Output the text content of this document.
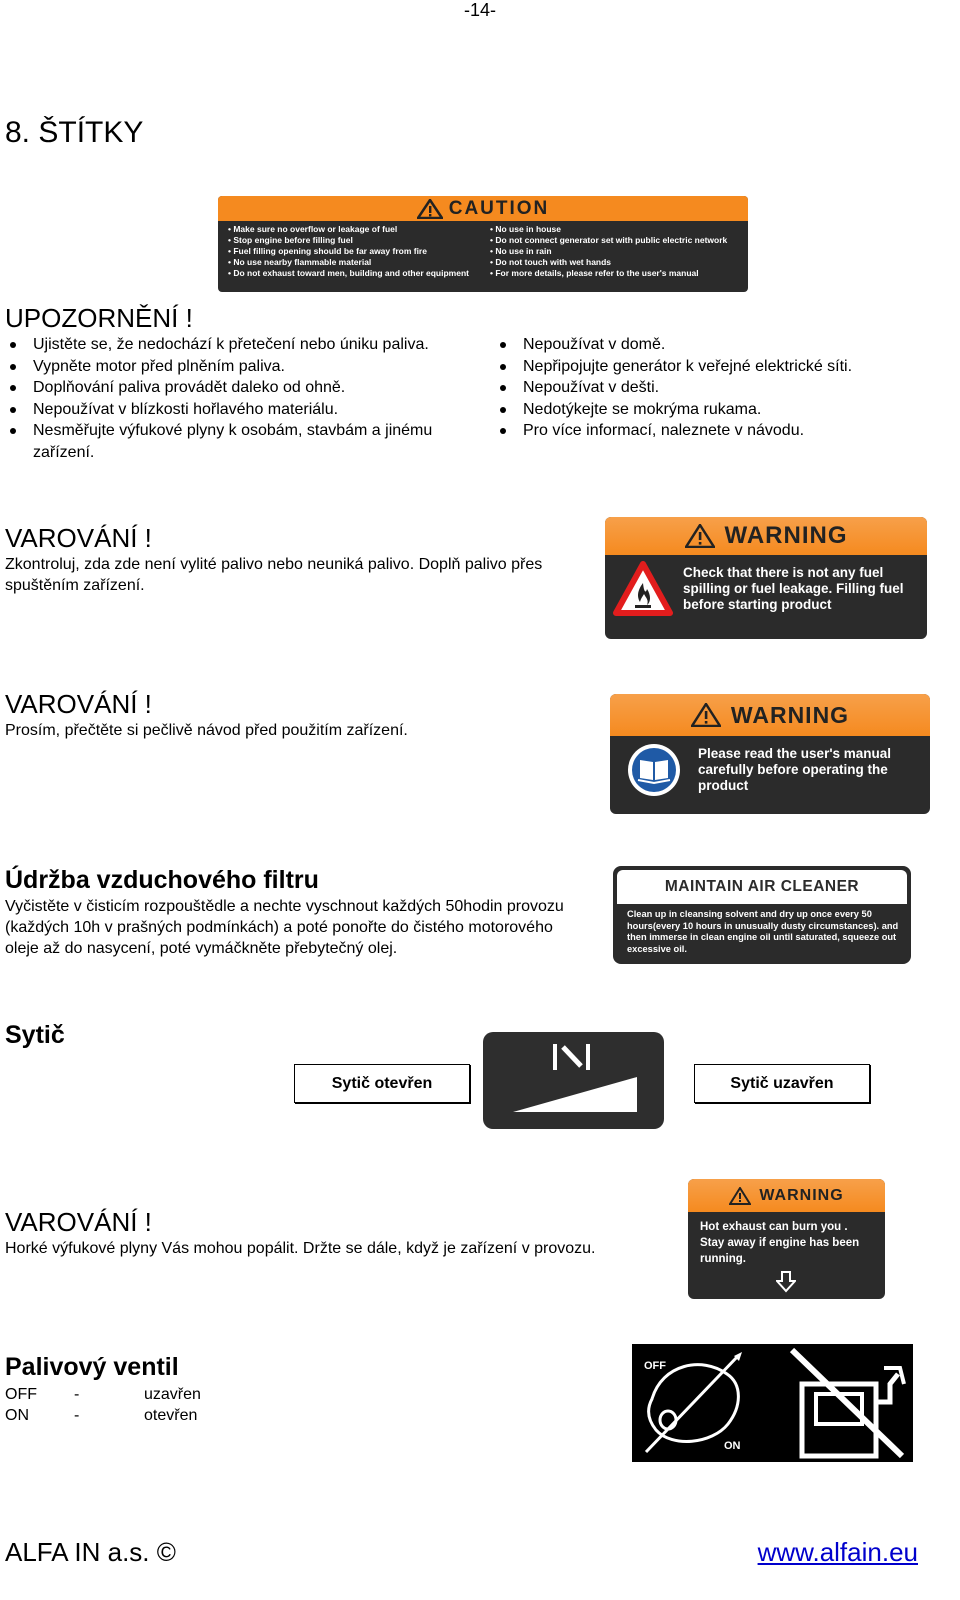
-14-
8. ŠTÍTKY
CAUTION
• Make sure no overflow or leakage of fuel
• Stop engine before filling fuel
• Fuel filling opening should be far away from fire
• No use nearby flammable material
• Do not exhaust toward men, building and other equipment
• No use in house
• Do not connect generator set with public electric network
• No use in rain
• Do not touch with wet hands
• For more details, please refer to the user's manual
UPOZORNĚNÍ !
Ujistěte se, že nedochází k přetečení nebo úniku paliva.
Vypněte motor před plněním paliva.
Doplňování paliva provádět daleko od ohně.
Nepoužívat v blízkosti hořlavého materiálu.
Nesměřujte výfukové plyny k osobám, stavbám a jinému zařízení.
Nepoužívat v domě.
Nepřipojujte generátor k veřejné elektrické síti.
Nepoužívat v dešti.
Nedotýkejte se mokrýma rukama.
Pro více informací, naleznete v návodu.
VAROVÁNÍ !
Zkontroluj, zda zde není vylité palivo nebo neuniká palivo. Doplň palivo přes spuštěním zařízení.
WARNING
Check that there is not any fuel spilling or fuel leakage. Filling fuel before starting product
VAROVÁNÍ !
Prosím, přečtěte si pečlivě návod před použitím zařízení.
WARNING
Please read the user's manual carefully before operating the product
Údržba vzduchového filtru
Vyčistěte v čisticím rozpouštědle a nechte vyschnout každých 50hodin provozu (každých 10h v prašných podmínkách) a poté ponořte do čistého motorového oleje až do nasycení, poté vymáčkněte přebytečný olej.
MAINTAIN AIR CLEANER
Clean up in cleansing solvent and dry up once every 50 hours(every 10 hours in unusually dusty circumstances). and then immerse in clean engine oil until saturated, squeeze out excessive oil.
Sytič
Sytič otevřen	Sytič uzavřen
VAROVÁNÍ !
Horké výfukové plyny Vás mohou popálit. Držte se dále, když je zařízení v provozu.
WARNING
Hot exhaust can burn you . Stay away if engine has been running.
Palivový ventil
OFF -	uzavřen
ON	-	otevřen
OFF
ON
ALFA IN a.s. ©	www.alfain.eu
